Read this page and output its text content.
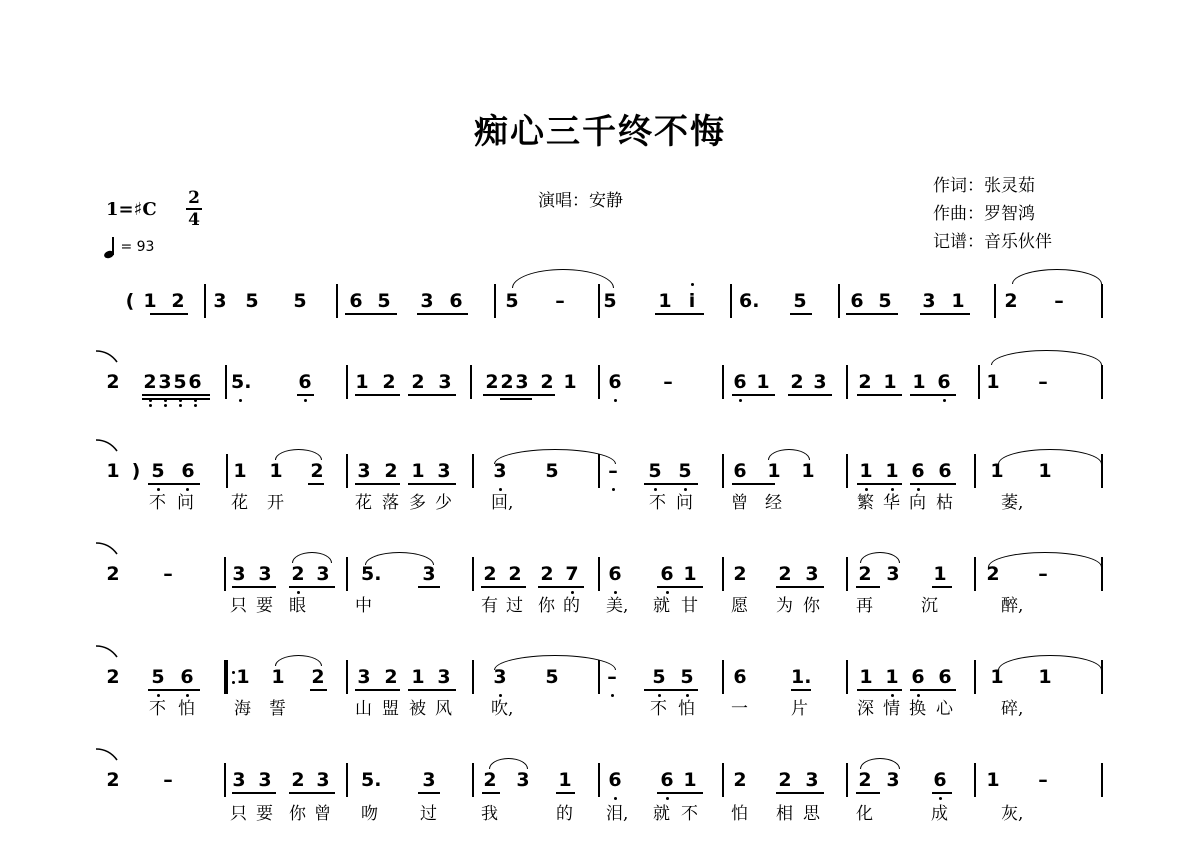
痴心三千终不悔
演唱：安静
作词：张灵茹
作曲：罗智鸿
记谱：音乐伙伴
1=♯C
2
4
= 93
( 1 2 3 5 5 6 5 3 6 5 – 5 1 i	6. 5 6 5 3 1 2 –
2 2 3 5 6 5. 6 1 2 2 3 2 2 3 2 1 6 –	6 1 2 3 2 1 1 6 1 –
1 ) 5 6 1 1 2 3 2 1 3 3 5	– 5 5 6 1 1 1 1 6 6 1 1
不 问 花 开	花 落 多 少 回,	不 问 曾 经	繁 华 向 枯	萎,
2 –	3 3 2 3 5. 3	2 2 2 7 6 6 1 2 2 3 2 3 1 2 –
只 要 眼	中	有 过 你 的 美, 就 甘 愿 为 你 再	沉	醉,
2 5 6 1 1 2 3 2 1 3 3 5	– 5 5 6 1.	1 1 6 6 1 1
不 怕 海 誓	山 盟 被 风 吹,	不 怕 一	片	深 情 换 心	碎,
2 –	3 3 2 3 5. 3	2 3 1 6 6 1 2 2 3 2 3 6 1 –
只 要 你 曾 吻 过	我	的 泪, 就 不 怕 相 思 化	成	灰,
